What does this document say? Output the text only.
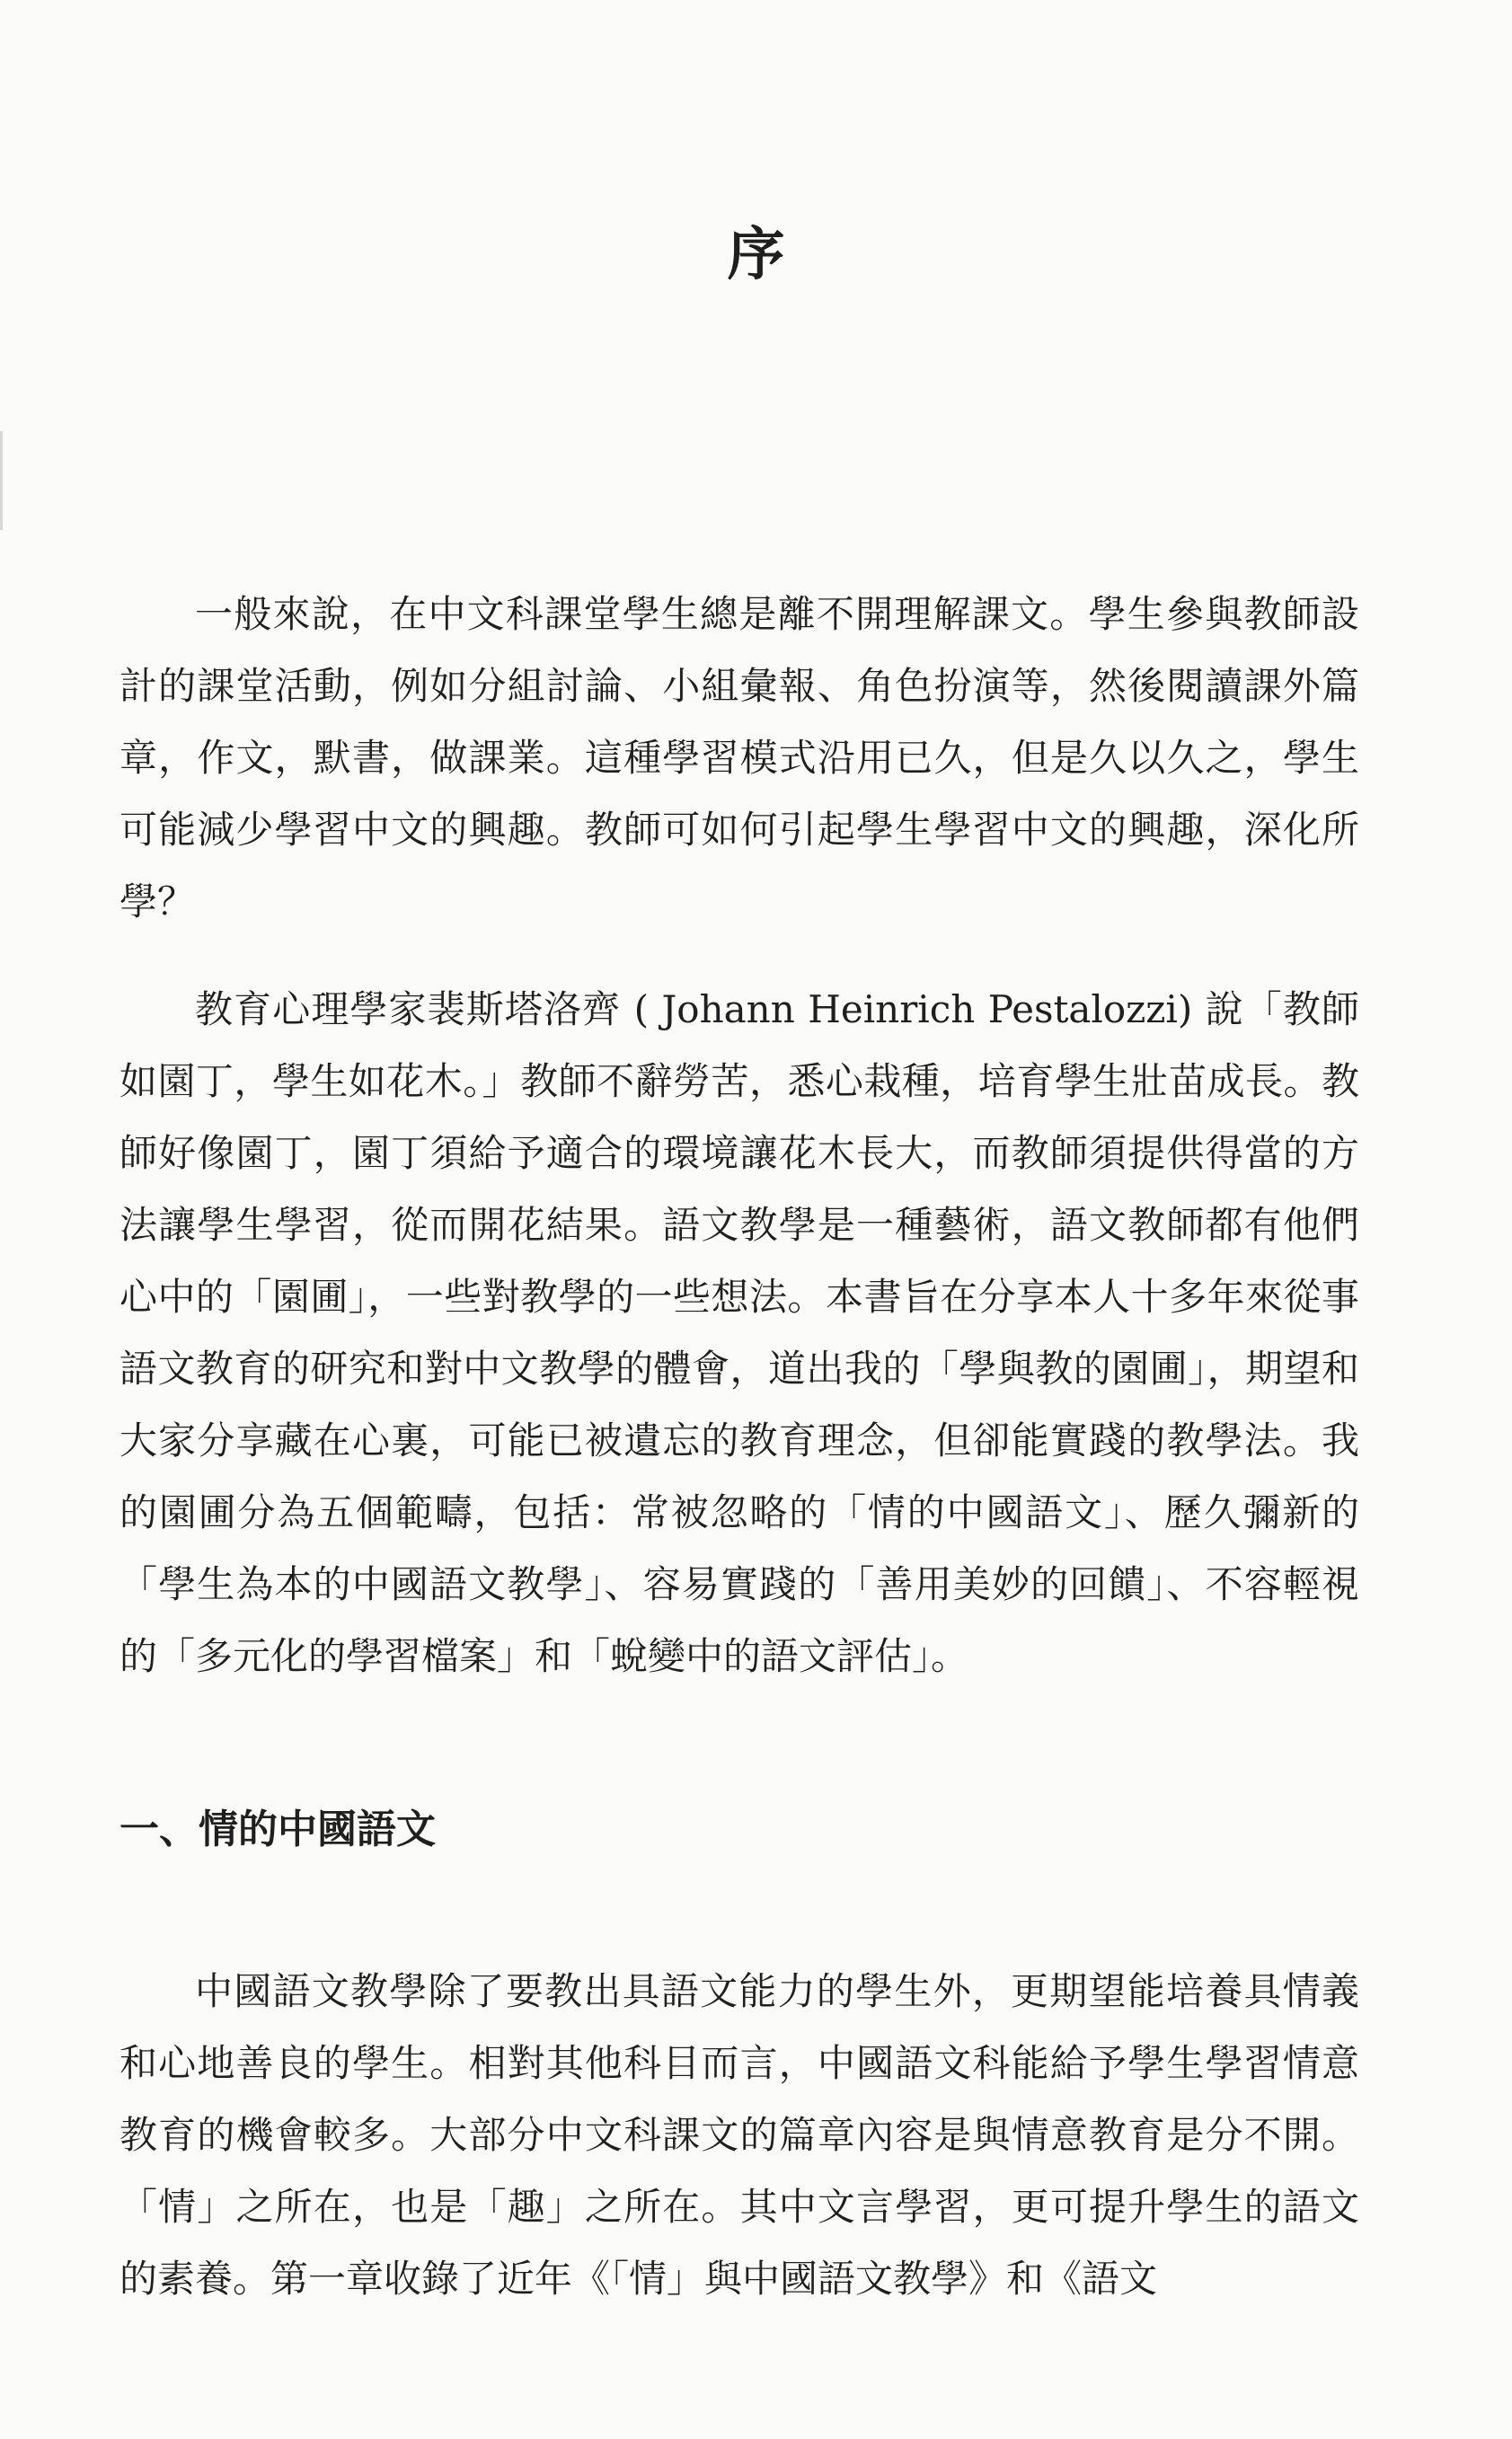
序

一般來說，在中文科課堂學生總是離不開理解課文。學生參與教師設計的課堂活動，例如分組討論、小組彙報、角色扮演等，然後閱讀課外篇章，作文，默書，做課業。這種學習模式沿用已久，但是久以久之，學生可能減少學習中文的興趣。教師可如何引起學生學習中文的興趣，深化所學？

教育心理學家裴斯塔洛齊 ( Johann Heinrich Pestalozzi) 說「教師如園丁，學生如花木。」教師不辭勞苦，悉心栽種，培育學生壯苗成長。教師好像園丁，園丁須給予適合的環境讓花木長大，而教師須提供得當的方法讓學生學習，從而開花結果。語文教學是一種藝術，語文教師都有他們心中的「園圃」，一些對教學的一些想法。本書旨在分享本人十多年來從事語文教育的研究和對中文教學的體會，道出我的「學與教的園圃」，期望和大家分享藏在心裏，可能已被遺忘的教育理念，但卻能實踐的教學法。我的園圃分為五個範疇，包括：常被忽略的「情的中國語文」、歷久彌新的「學生為本的中國語文教學」、容易實踐的「善用美妙的回饋」、不容輕視的「多元化的學習檔案」和「蛻變中的語文評估」。

一、情的中國語文

中國語文教學除了要教出具語文能力的學生外，更期望能培養具情義和心地善良的學生。相對其他科目而言，中國語文科能給予學生學習情意教育的機會較多。大部分中文科課文的篇章內容是與情意教育是分不開。「情」之所在，也是「趣」之所在。其中文言學習，更可提升學生的語文的素養。第一章收錄了近年《「情」與中國語文教學》和《語文
